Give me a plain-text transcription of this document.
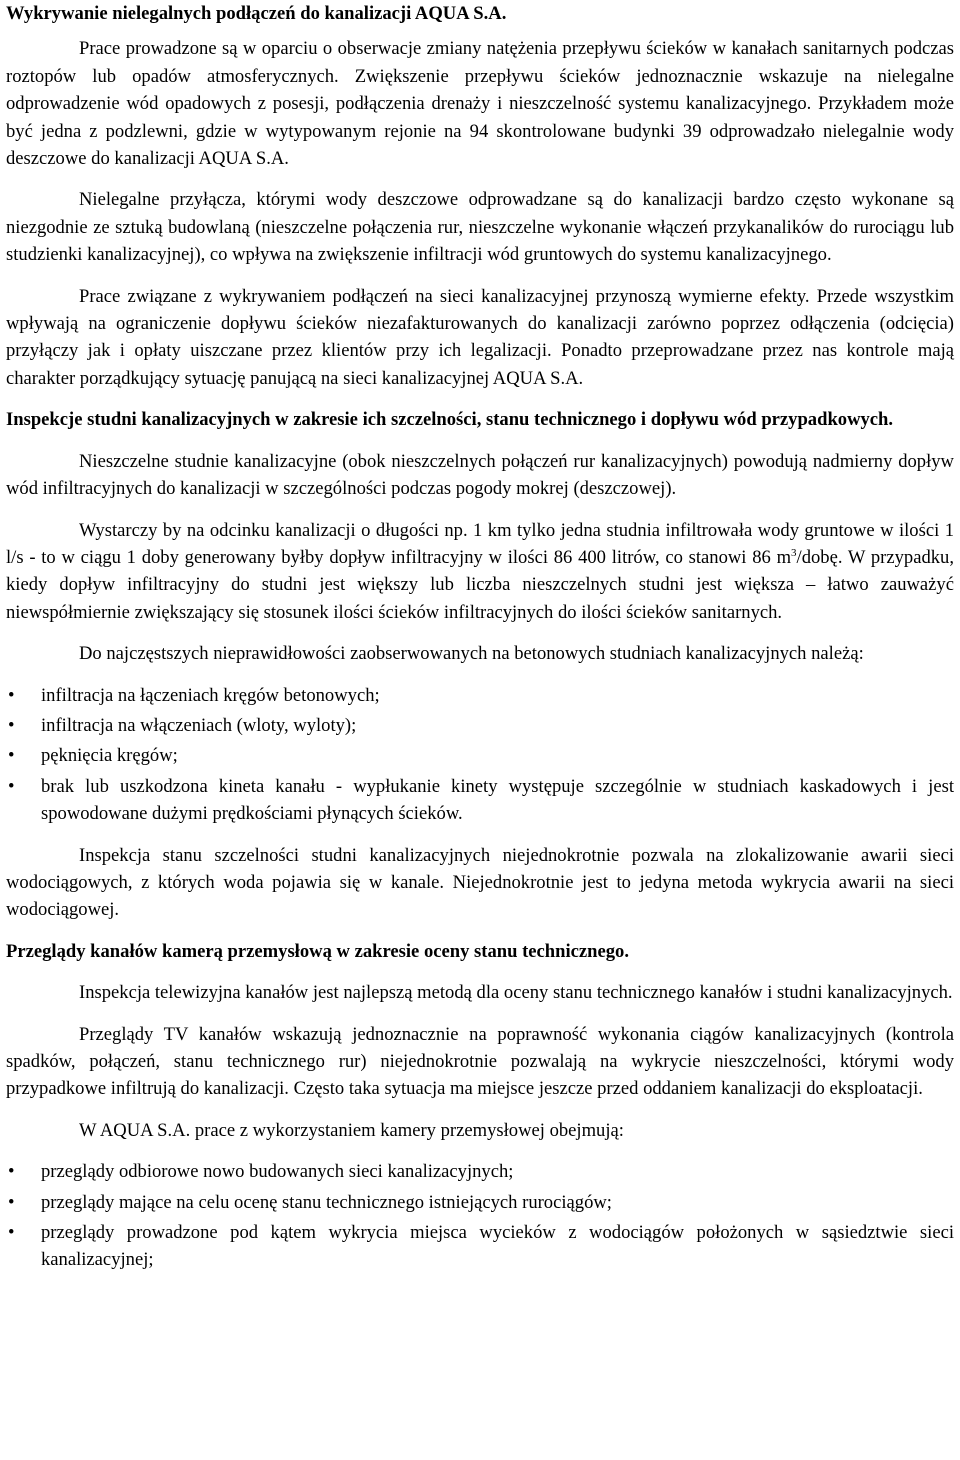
Wykrywanie nielegalnych podłączeń do kanalizacji AQUA S.A.

Prace prowadzone są w oparciu o obserwacje zmiany natężenia przepływu ścieków w kanałach sanitarnych podczas roztopów lub opadów atmosferycznych. Zwiększenie przepływu ścieków jednoznacznie wskazuje na nielegalne odprowadzenie wód opadowych z posesji, podłączenia drenaży i nieszczelność systemu kanalizacyjnego. Przykładem może być jedna z podzlewni, gdzie w wytypowanym rejonie na 94 skontrolowane budynki 39 odprowadzało nielegalnie wody deszczowe do kanalizacji AQUA S.A.

Nielegalne przyłącza, którymi wody deszczowe odprowadzane są do kanalizacji bardzo często wykonane są niezgodnie ze sztuką budowlaną (nieszczelne połączenia rur, nieszczelne wykonanie włączeń przykanalików do rurociągu lub studzienki kanalizacyjnej), co wpływa na zwiększenie infiltracji wód gruntowych do systemu kanalizacyjnego.

Prace związane z wykrywaniem podłączeń na sieci kanalizacyjnej przynoszą wymierne efekty. Przede wszystkim wpływają na ograniczenie dopływu ścieków niezafakturowanych do kanalizacji zarówno poprzez odłączenia (odcięcia) przyłączy jak i opłaty uiszczane przez klientów przy ich legalizacji. Ponadto przeprowadzane przez nas kontrole mają charakter porządkujący sytuację panującą na sieci kanalizacyjnej AQUA S.A.

Inspekcje studni kanalizacyjnych w zakresie ich szczelności, stanu technicznego i dopływu wód przypadkowych.

Nieszczelne studnie kanalizacyjne (obok nieszczelnych połączeń rur kanalizacyjnych) powodują nadmierny dopływ wód infiltracyjnych do kanalizacji w szczególności podczas pogody mokrej (deszczowej).

Wystarczy by na odcinku kanalizacji o długości np. 1 km tylko jedna studnia infiltrowała wody gruntowe w ilości 1 l/s - to w ciągu 1 doby generowany byłby dopływ infiltracyjny w ilości 86 400 litrów, co stanowi 86 $m^3$/dobę. W przypadku, kiedy dopływ infiltracyjny do studni jest większy lub liczba nieszczelnych studni jest większa – łatwo zauważyć niewspółmiernie zwiększający się stosunek ilości ścieków infiltracyjnych do ilości ścieków sanitarnych.

Do najczęstszych nieprawidłowości zaobserwowanych na betonowych studniach kanalizacyjnych należą:

• infiltracja na łączeniach kręgów betonowych;
• infiltracja na włączeniach (wloty, wyloty);
• pęknięcia kręgów;
• brak lub uszkodzona kineta kanału - wypłukanie kinety występuje szczególnie w studniach kaskadowych i jest spowodowane dużymi prędkościami płynących ścieków.

Inspekcja stanu szczelności studni kanalizacyjnych niejednokrotnie pozwala na zlokalizowanie awarii sieci wodociągowych, z których woda pojawia się w kanale. Niejednokrotnie jest to jedyna metoda wykrycia awarii na sieci wodociągowej.

Przeglądy kanałów kamerą przemysłową w zakresie oceny stanu technicznego.

Inspekcja telewizyjna kanałów jest najlepszą metodą dla oceny stanu technicznego kanałów i studni kanalizacyjnych.

Przeglądy TV kanałów wskazują jednoznacznie na poprawność wykonania ciągów kanalizacyjnych (kontrola spadków, połączeń, stanu technicznego rur) niejednokrotnie pozwalają na wykrycie nieszczelności, którymi wody przypadkowe infiltrują do kanalizacji. Często taka sytuacja ma miejsce jeszcze przed oddaniem kanalizacji do eksploatacji.

W AQUA S.A. prace z wykorzystaniem kamery przemysłowej obejmują:

• przeglądy odbiorowe nowo budowanych sieci kanalizacyjnych;
• przeglądy mające na celu ocenę stanu technicznego istniejących rurociągów;
• przeglądy prowadzone pod kątem wykrycia miejsca wycieków z wodociągów położonych w sąsiedztwie sieci kanalizacyjnej;
